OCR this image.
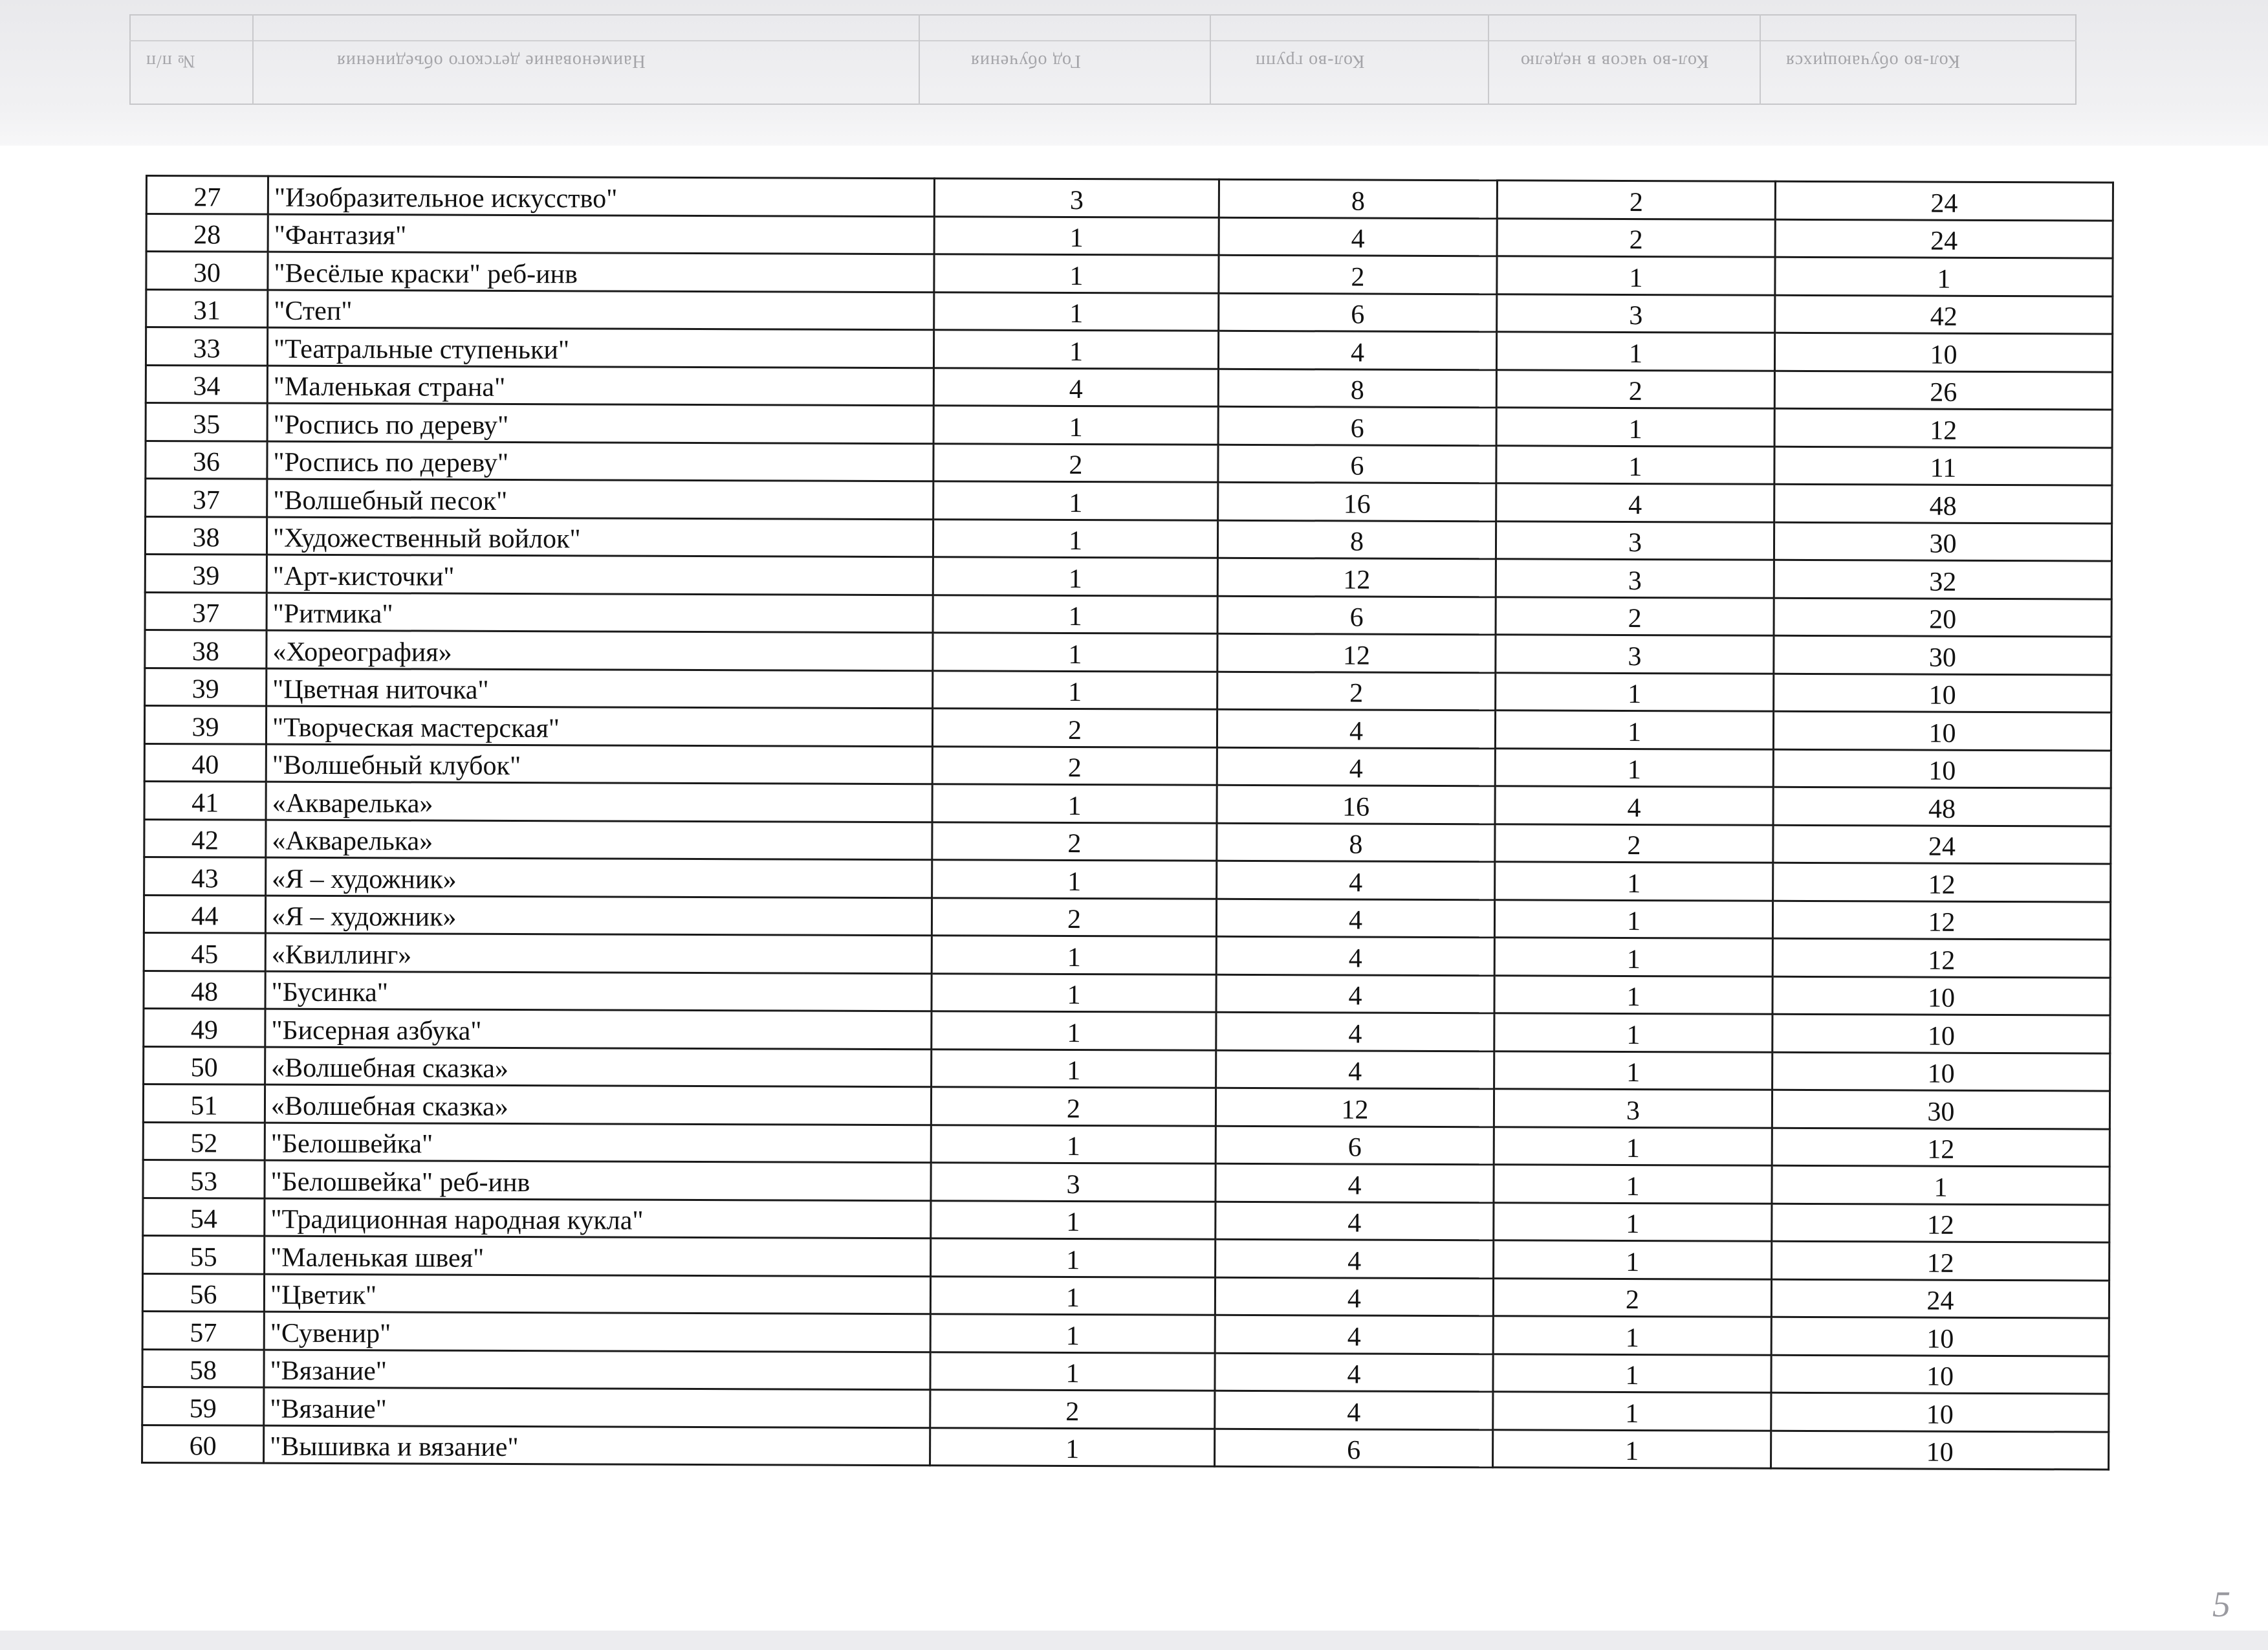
№ п/п	Наименование детского объединения	Год обучения	Кол-во групп	Кол-во часов в неделю	Кол-во обучающихся
27	"Изобразительное искусство"	3	8	2	24

28	"Фантазия"	1	4	2	24

30	"Весёлые краски" реб-инв	1	2	1	1

31	"Степ"	1	6	3	42

33	"Театральные ступеньки"	1	4	1	10

34	"Маленькая страна"	4	8	2	26

35	"Роспись по дереву"	1	6	1	12

36	"Роспись по дереву"	2	6	1	11

37	"Волшебный песок"	1	16	4	48

38	"Художественный войлок"	1	8	3	30

39	"Арт-кисточки"	1	12	3	32

37	"Ритмика"	1	6	2	20

38	«Хореография»	1	12	3	30

39	"Цветная ниточка"	1	2	1	10

39	"Творческая мастерская"	2	4	1	10

40	"Волшебный клубок"	2	4	1	10

41	«Акварелька»	1	16	4	48

42	«Акварелька»	2	8	2	24

43	«Я – художник»	1	4	1	12

44	«Я – художник»	2	4	1	12

45	«Квиллинг»	1	4	1	12

48	"Бусинка"	1	4	1	10

49	"Бисерная азбука"	1	4	1	10

50	«Волшебная сказка»	1	4	1	10

51	«Волшебная сказка»	2	12	3	30

52	"Белошвейка"	1	6	1	12

53	"Белошвейка" реб-инв	3	4	1	1

54	"Традиционная народная кукла"	1	4	1	12

55	"Маленькая швея"	1	4	1	12

56	"Цветик"	1	4	2	24

57	"Сувенир"	1	4	1	10

58	"Вязание"	1	4	1	10

59	"Вязание"	2	4	1	10

60	"Вышивка и вязание"	1	6	1	10
5
